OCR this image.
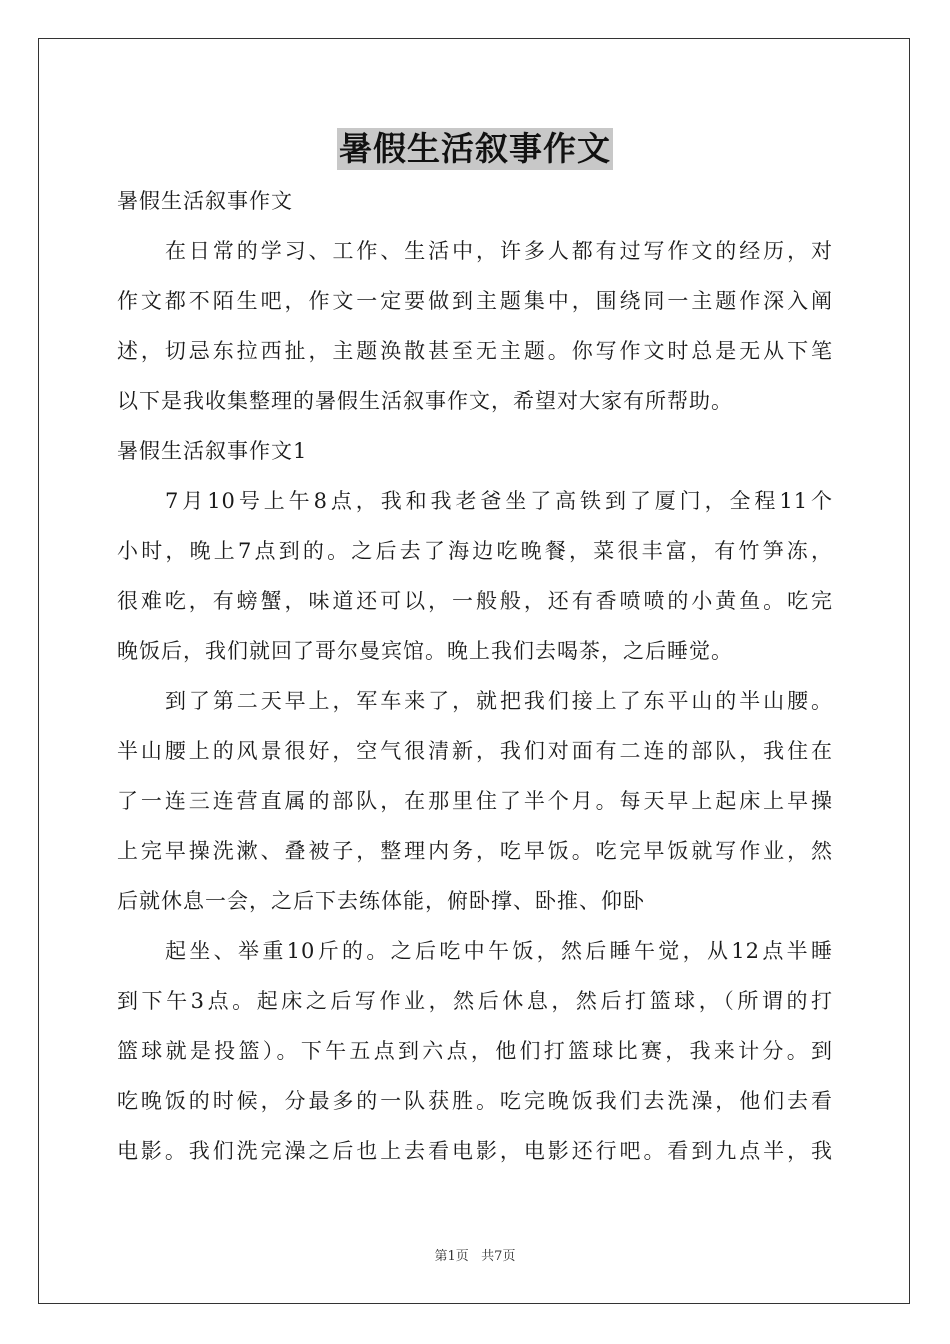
暑假生活叙事作文
暑假生活叙事作文
在日常的学习、工作、生活中，许多人都有过写作文的经历，对
作文都不陌生吧，作文一定要做到主题集中，围绕同一主题作深入阐
述，切忌东拉西扯，主题涣散甚至无主题。你写作文时总是无从下笔
以下是我收集整理的暑假生活叙事作文，希望对大家有所帮助。
暑假生活叙事作文1
7月10号上午8点，我和我老爸坐了高铁到了厦门，全程11个
小时，晚上7点到的。之后去了海边吃晚餐，菜很丰富，有竹笋冻，
很难吃，有螃蟹，味道还可以，一般般，还有香喷喷的小黄鱼。吃完
晚饭后，我们就回了哥尔曼宾馆。晚上我们去喝茶，之后睡觉。
到了第二天早上，军车来了，就把我们接上了东平山的半山腰。
半山腰上的风景很好，空气很清新，我们对面有二连的部队，我住在
了一连三连营直属的部队，在那里住了半个月。每天早上起床上早操
上完早操洗漱、叠被子，整理内务，吃早饭。吃完早饭就写作业，然
后就休息一会，之后下去练体能，俯卧撑、卧推、仰卧
起坐、举重10斤的。之后吃中午饭，然后睡午觉，从12点半睡
到下午3点。起床之后写作业，然后休息，然后打篮球，（所谓的打
篮球就是投篮）。下午五点到六点，他们打篮球比赛，我来计分。到
吃晚饭的时候，分最多的一队获胜。吃完晚饭我们去洗澡，他们去看
电影。我们洗完澡之后也上去看电影，电影还行吧。看到九点半，我
第1页   共7页
